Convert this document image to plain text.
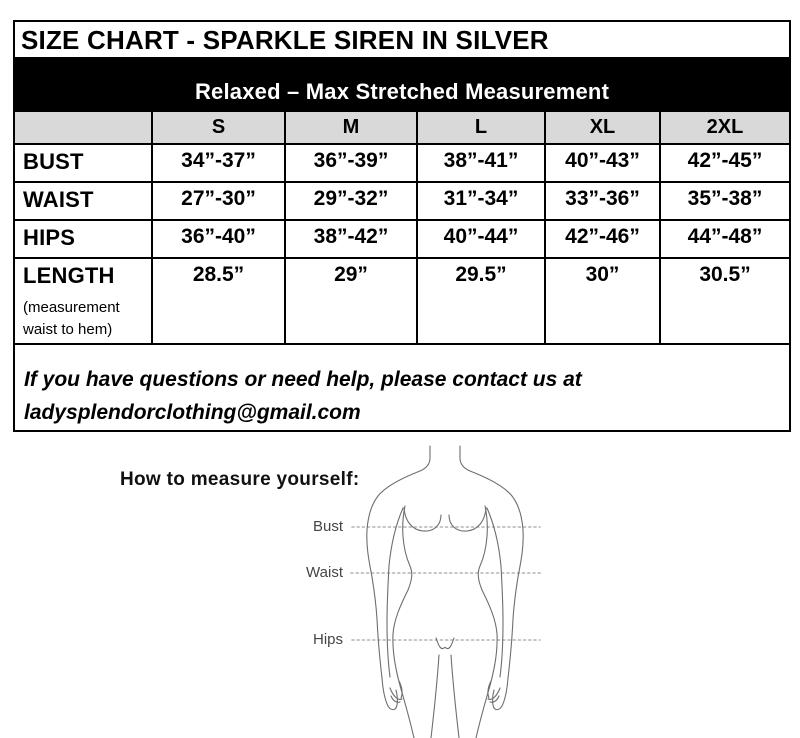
SIZE CHART - SPARKLE SIREN IN SILVER					
Relaxed – Max Stretched Measurement					
	S	M	L	XL	2XL
BUST	34”-37”	36”-39”	38”-41”	40”-43”	42”-45”
WAIST	27”-30”	29”-32”	31”-34”	33”-36”	35”-38”
HIPS	36”-40”	38”-42”	40”-44”	42”-46”	44”-48”
LENGTH
(measurement waist to hem)	28.5”	29”	29.5”	30”	30.5”

If you have questions or need help, please contact us at
ladysplendorclothing@gmail.com					
How to measure yourself:
Bust
Waist
Hips
